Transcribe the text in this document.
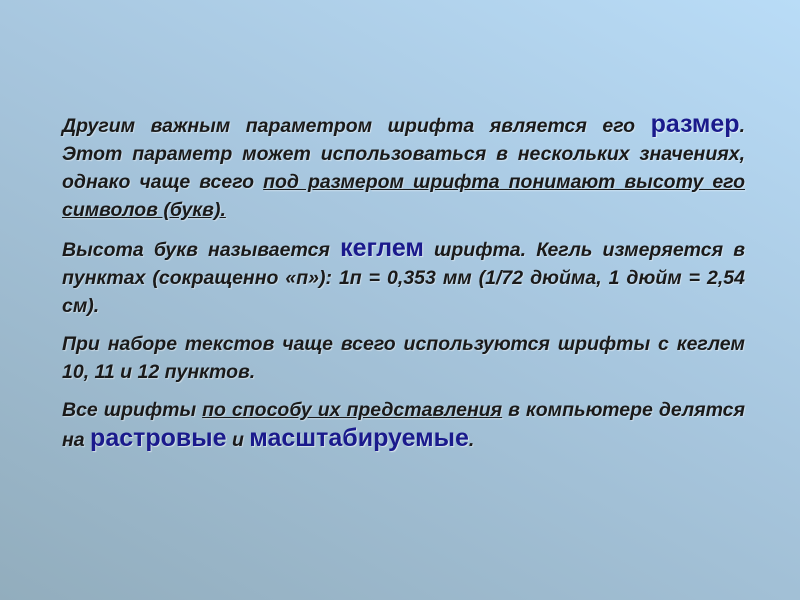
Другим важным параметром шрифта является его размер. Этот параметр может использоваться в нескольких значениях, однако чаще всего под размером шрифта понимают высоту его символов (букв).

Высота букв называется кеглем шрифта. Кегль измеряется в пунктах (сокращенно «п»): 1п = 0,353 мм (1/72 дюйма, 1 дюйм = 2,54 см).

При наборе текстов чаще всего используются шрифты с кеглем 10, 11 и 12 пунктов.

Все шрифты по способу их представления в компьютере делятся на растровые и масштабируемые.
